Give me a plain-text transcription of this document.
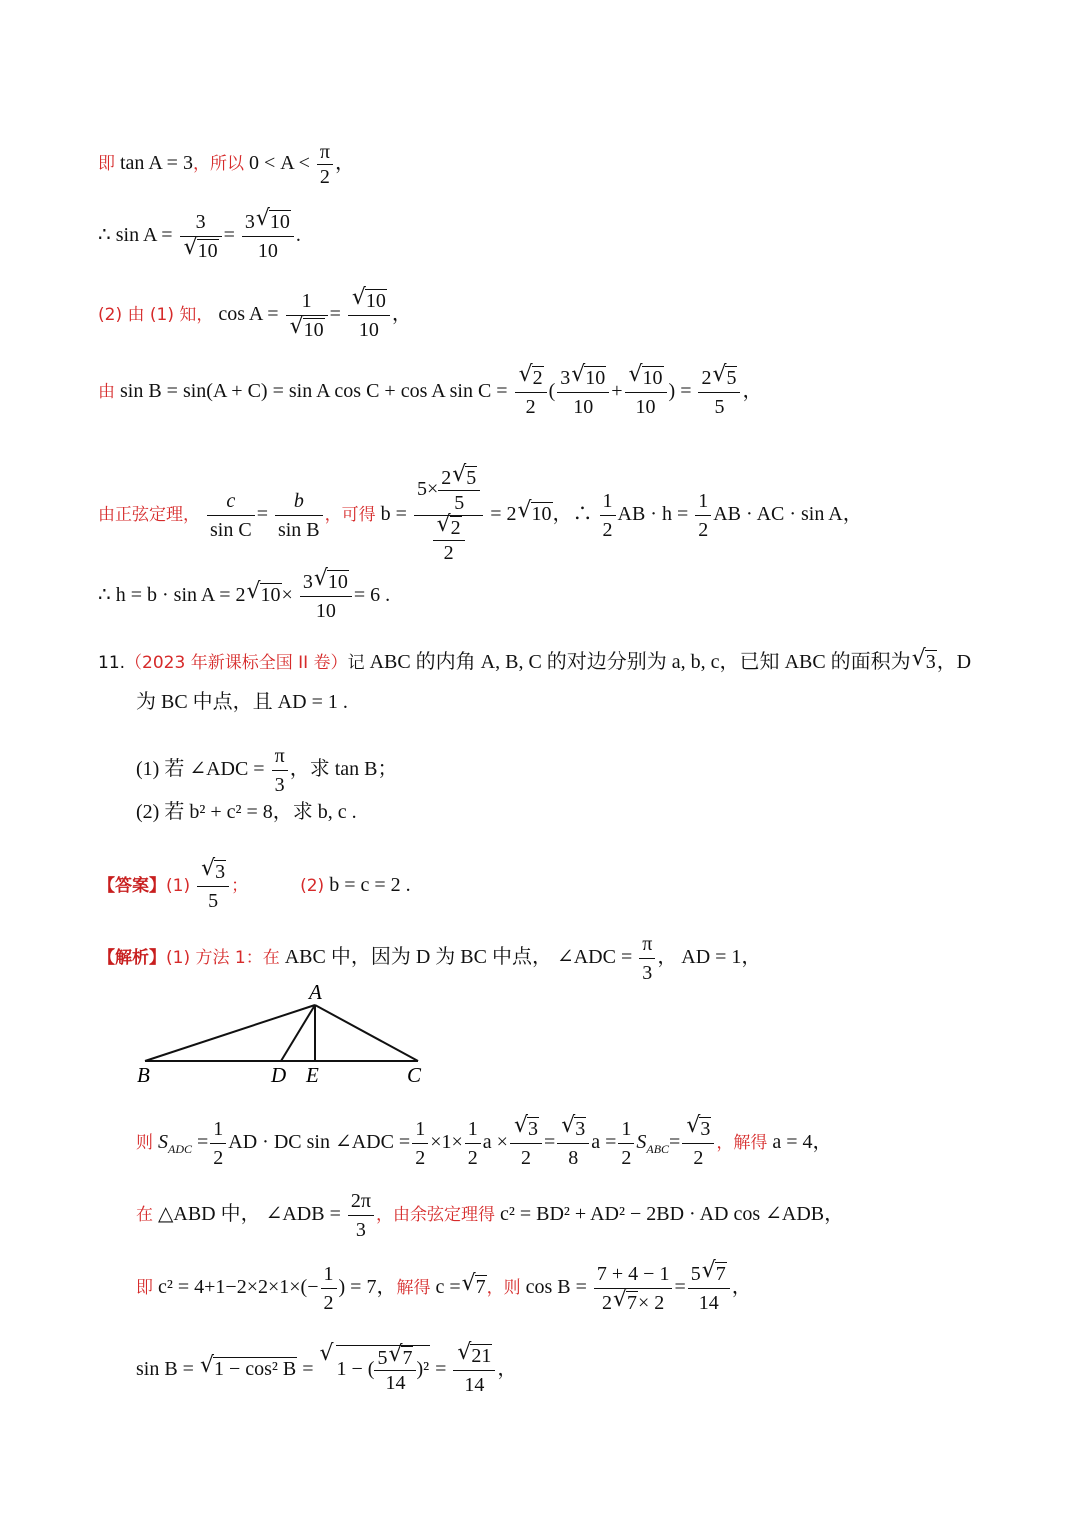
即 tan A = 3，所以 $0 < A < \frac{\pi}{2}$ ，
∴ sin A = 3
√ $10 = \frac{3√ 10}{10}$ .
(2) 由 (1) 知， cos A = 1
√ 10 =
√ $\frac{10}{10}$ ，
由 sin B = sin(A + C) = sin A cos C + cos A sin C =
√ $\frac{2}{2}$ ( $\frac{3√ 10}{10}$ +
√ $\frac{10}{10}$ ) = $\frac{2√ 5}{5}$ ，
由正弦定理， $\frac{c}{\text{sin C}} = \frac{b}{\text{sin B}}$ ，可得 $b = 5\times \frac{2√ 5}{5}$
√ $\frac{2}{2} = 2√$ 10，∴ $\frac{1}{2}$ AB · $h = \frac{1}{2}$ AB · AC · sin A，
∴ h = b · sin A = 2√ $10\times \frac{3√ 10}{10} = 6$ .
11.（2023 年新课标全国 II 卷）记 ABC 的内角 A, B, C 的对边分别为 a, b, c，已知 ABC 的面积为√ 3，D
为 BC 中点，且 AD = 1 .
(1) 若 ∠ADC = $\frac{\pi}{3}$ ，求 tan B；
(2) 若 b² + c² = 8，求 b, c .
【答案】(1)
√ $\frac{3}{5}$ ；	(2) b = c = 2 .
【解析】(1) 方法 1：在 ABC 中，因为 D 为 BC 中点， ∠ADC = $\frac{\pi}{3}$ ， AD = 1，
A
B	D E	C
则 $S_{ADC} = \frac{1}{2}$ AD · DC sin ∠ADC = $\frac{1}{2} \times 1\times \frac{1}{2}$ a ×
√ $\frac{3}{2}$ =
√ $\frac{3}{8}$ $a = \frac{1}{2} S_{ABC}=$
√ $\frac{3}{2}$ ，解得 a = 4，
在 △ABD 中， ∠ADB = $\frac{2\pi}{3}$ ，由余弦定理得 c² = BD² + AD² − 2BD · AD cos ∠ADB，
即 $c^2 = 4+1-2\times 2\times 1\times(- \frac{1}{2}$ ) = 7，解得 c =√ 7，则 $\cos B = \frac{7 + 4 - 1}{2√ 7\times 2} = \frac{5√ 7}{14}$ ，
sin B = √ 1 − cos² B = √ 1 − ( $\frac{5√ 7}{14} )^2$ =
√ $\frac{21}{14}$ ，
